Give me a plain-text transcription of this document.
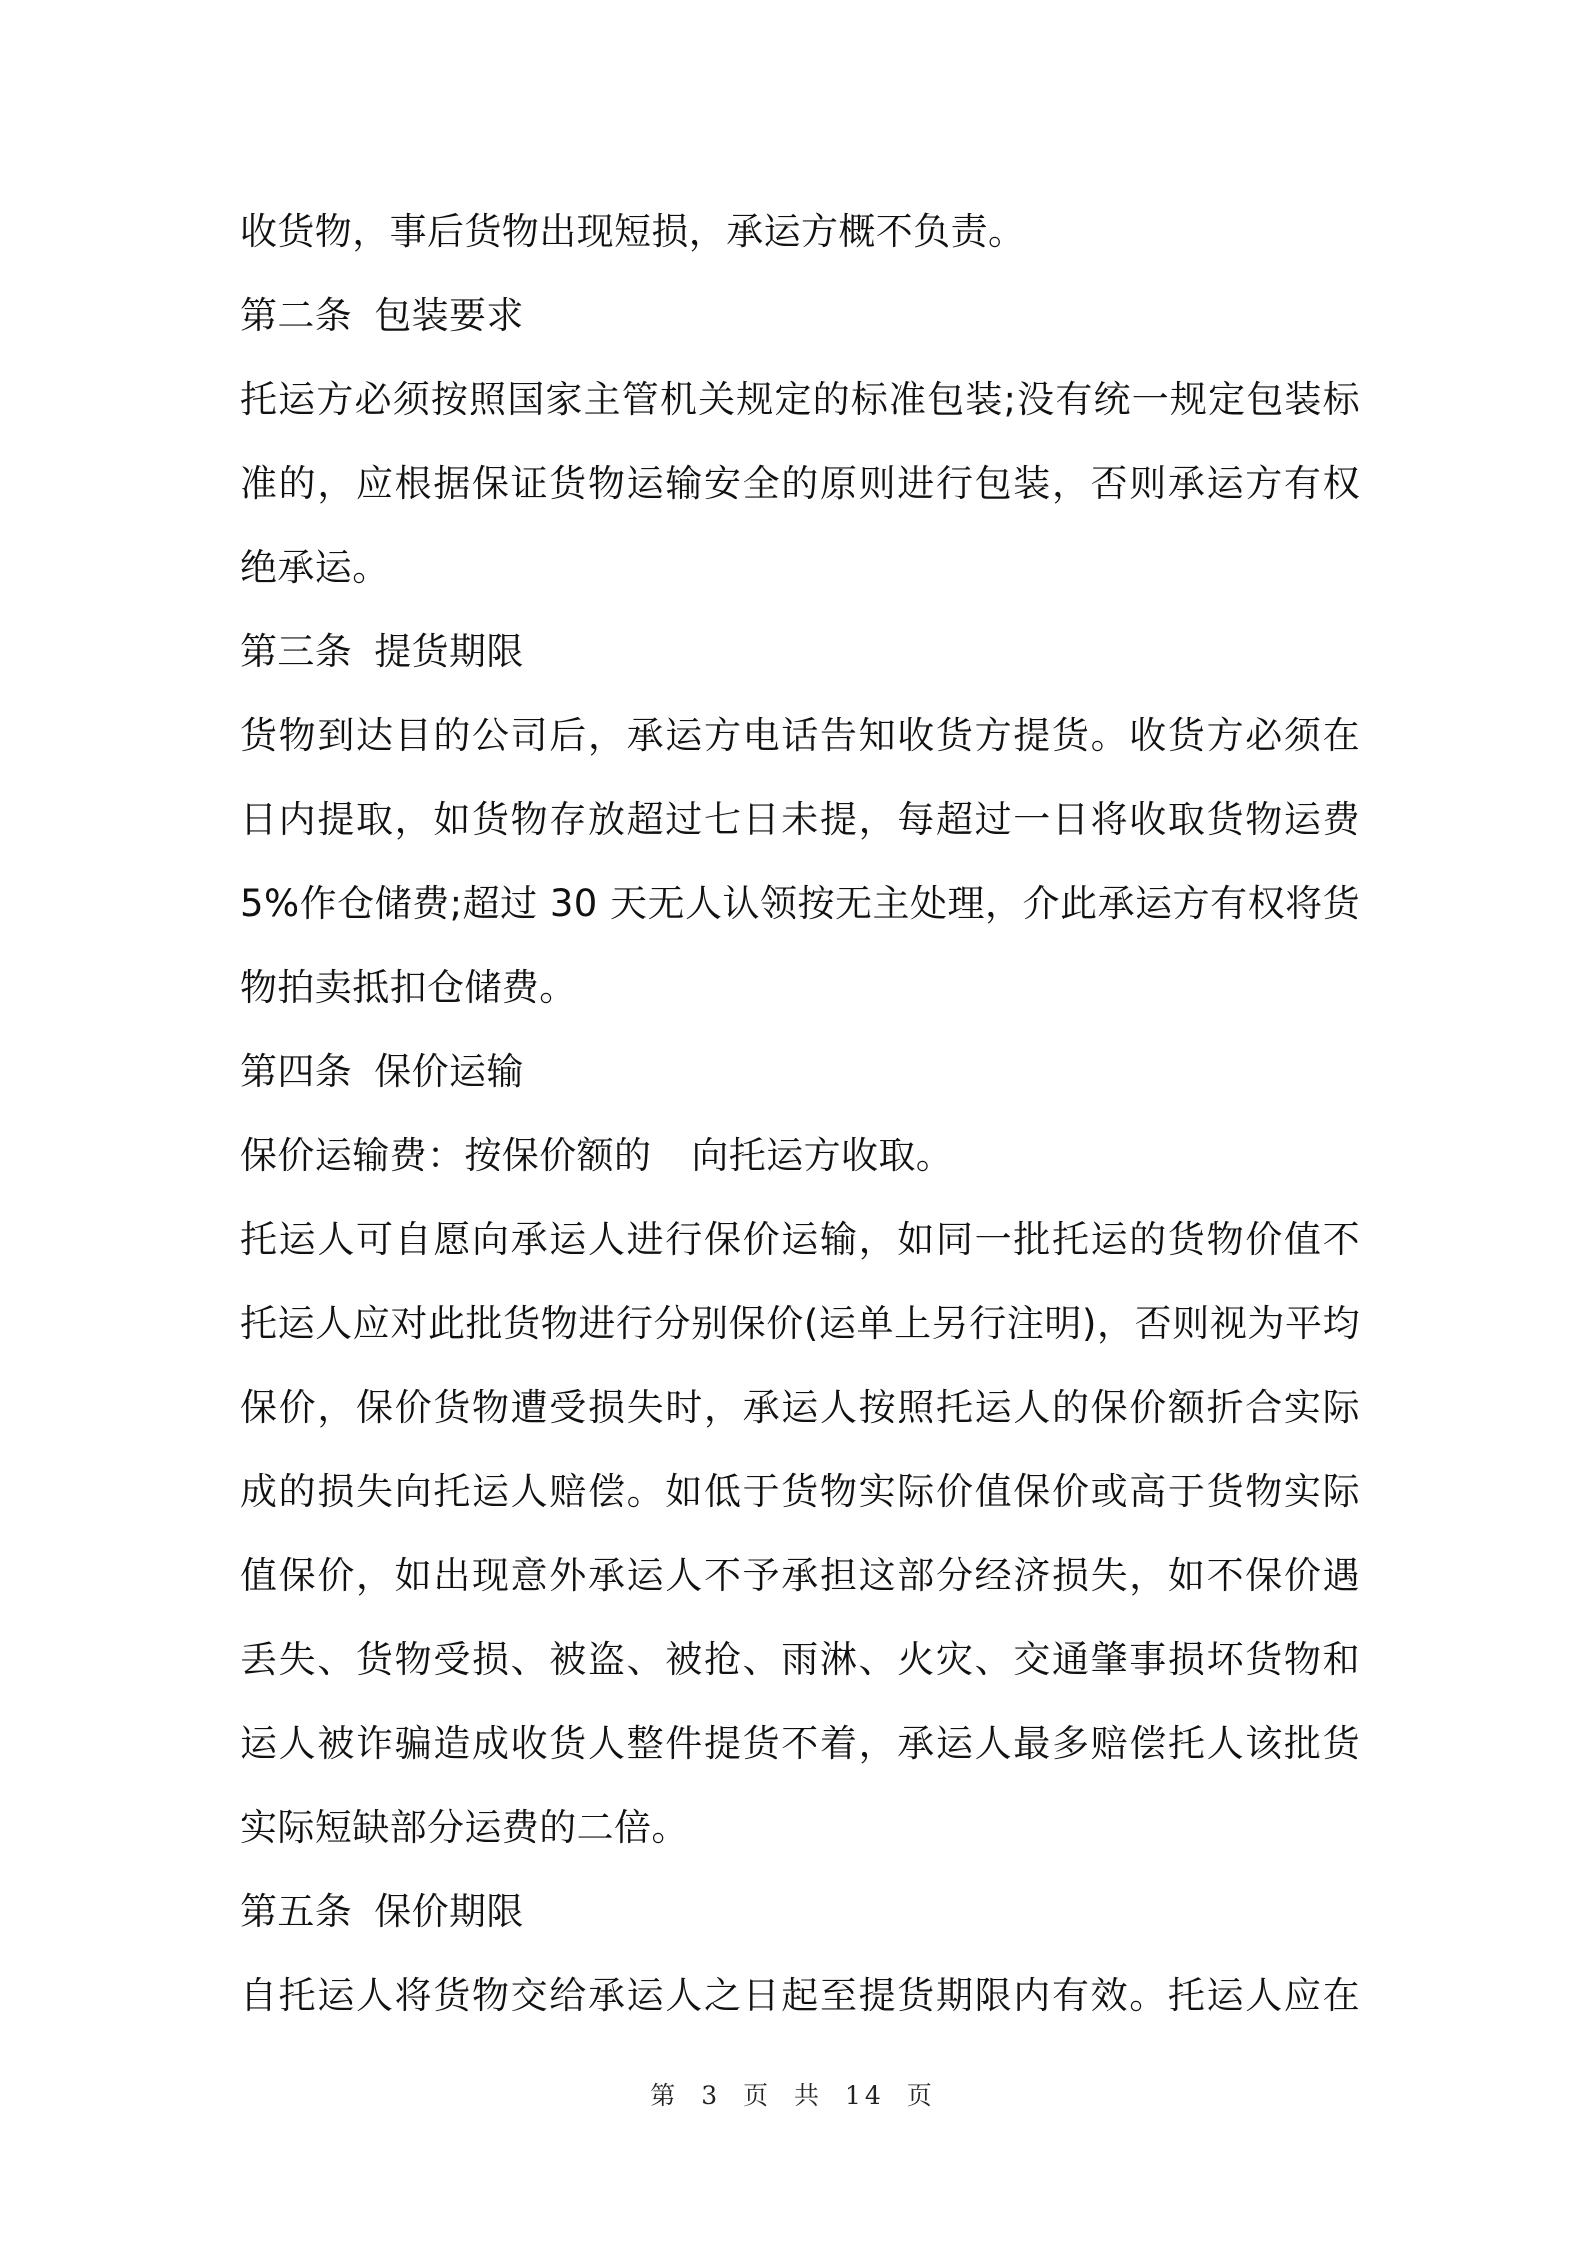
收货物，事后货物出现短损，承运方概不负责。
第二条 包装要求
托运方必须按照国家主管机关规定的标准包装;没有统一规定包装标
准的，应根据保证货物运输安全的原则进行包装，否则承运方有权
绝承运。
第三条 提货期限
货物到达目的公司后，承运方电话告知收货方提货。收货方必须在
日内提取，如货物存放超过七日未提，每超过一日将收取货物运费
5%作仓储费;超过 30 天无人认领按无主处理，介此承运方有权将货
物拍卖抵扣仓储费。
第四条 保价运输
保价运输费：按保价额的 向托运方收取。
托运人可自愿向承运人进行保价运输，如同一批托运的货物价值不
托运人应对此批货物进行分别保价(运单上另行注明)，否则视为平均
保价，保价货物遭受损失时，承运人按照托运人的保价额折合实际
成的损失向托运人赔偿。如低于货物实际价值保价或高于货物实际
值保价，如出现意外承运人不予承担这部分经济损失，如不保价遇
丢失、货物受损、被盗、被抢、雨淋、火灾、交通肇事损坏货物和
运人被诈骗造成收货人整件提货不着，承运人最多赔偿托人该批货
实际短缺部分运费的二倍。
第五条 保价期限
自托运人将货物交给承运人之日起至提货期限内有效。托运人应在
第 3 页 共 14 页
